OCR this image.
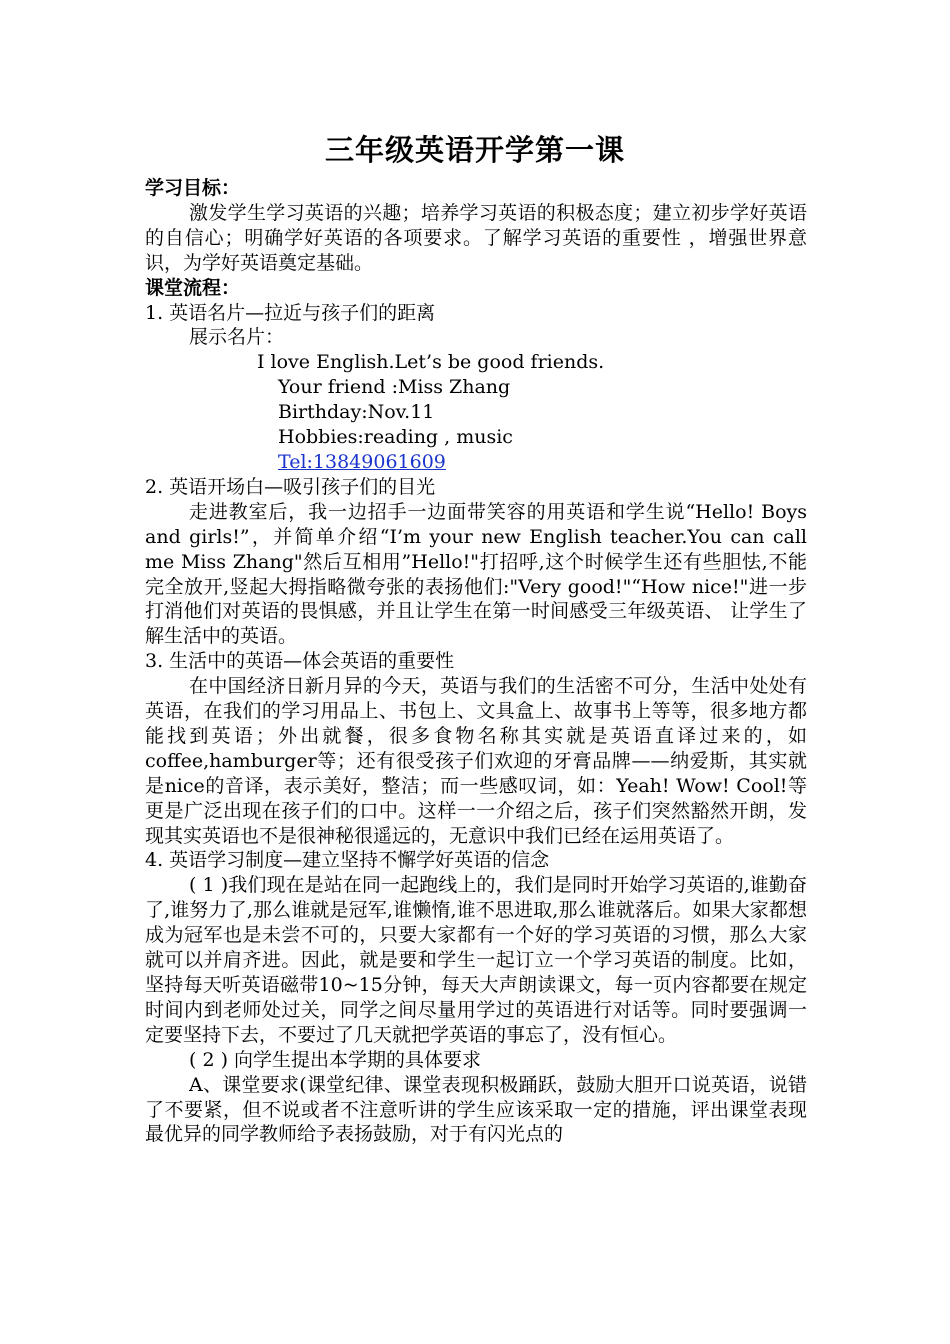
三年级英语开学第一课

学习目标：

激发学生学习英语的兴趣；培养学习英语的积极态度；建立初步学好英语的自信心；明确学好英语的各项要求。了解学习英语的重要性 ，增强世界意识，为学好英语奠定基础。

课堂流程：

1. 英语名片—拉近与孩子们的距离

展示名片：

I love English.Let’s be good friends.

Your friend :Miss Zhang

Birthday:Nov.11

Hobbies:reading , music

Tel:13849061609

2. 英语开场白—吸引孩子们的目光

走进教室后，我一边招手一边面带笑容的用英语和学生说“Hello! Boys and girls!”，并简单介绍“I’m your new English teacher.You can call me Miss Zhang"然后互相用”Hello!"打招呼,这个时候学生还有些胆怯,不能完全放开,竖起大拇指略微夸张的表扬他们:"Very good!"“How nice!"进一步打消他们对英语的畏惧感，并且让学生在第一时间感受三年级英语、 让学生了解生活中的英语。

3. 生活中的英语—体会英语的重要性

在中国经济日新月异的今天，英语与我们的生活密不可分，生活中处处有英语，在我们的学习用品上、书包上、文具盒上、故事书上等等，很多地方都能找到英语；外出就餐，很多食物名称其实就是英语直译过来的，如coffee,hamburger等；还有很受孩子们欢迎的牙膏品牌——纳爱斯，其实就是nice的音译，表示美好，整洁；而一些感叹词，如：Yeah! Wow! Cool!等更是广泛出现在孩子们的口中。这样一一介绍之后，孩子们突然豁然开朗，发现其实英语也不是很神秘很遥远的，无意识中我们已经在运用英语了。

4. 英语学习制度—建立坚持不懈学好英语的信念

( 1 )我们现在是站在同一起跑线上的，我们是同时开始学习英语的,谁勤奋了,谁努力了,那么谁就是冠军,谁懒惰,谁不思进取,那么谁就落后。如果大家都想成为冠军也是未尝不可的，只要大家都有一个好的学习英语的习惯，那么大家就可以并肩齐进。因此，就是要和学生一起订立一个学习英语的制度。比如，坚持每天听英语磁带10~15分钟，每天大声朗读课文，每一页内容都要在规定时间内到老师处过关，同学之间尽量用学过的英语进行对话等。同时要强调一定要坚持下去，不要过了几天就把学英语的事忘了，没有恒心。

( 2 ) 向学生提出本学期的具体要求

A、课堂要求(课堂纪律、课堂表现积极踊跃，鼓励大胆开口说英语，说错了不要紧，但不说或者不注意听讲的学生应该采取一定的措施，评出课堂表现最优异的同学教师给予表扬鼓励，对于有闪光点的
